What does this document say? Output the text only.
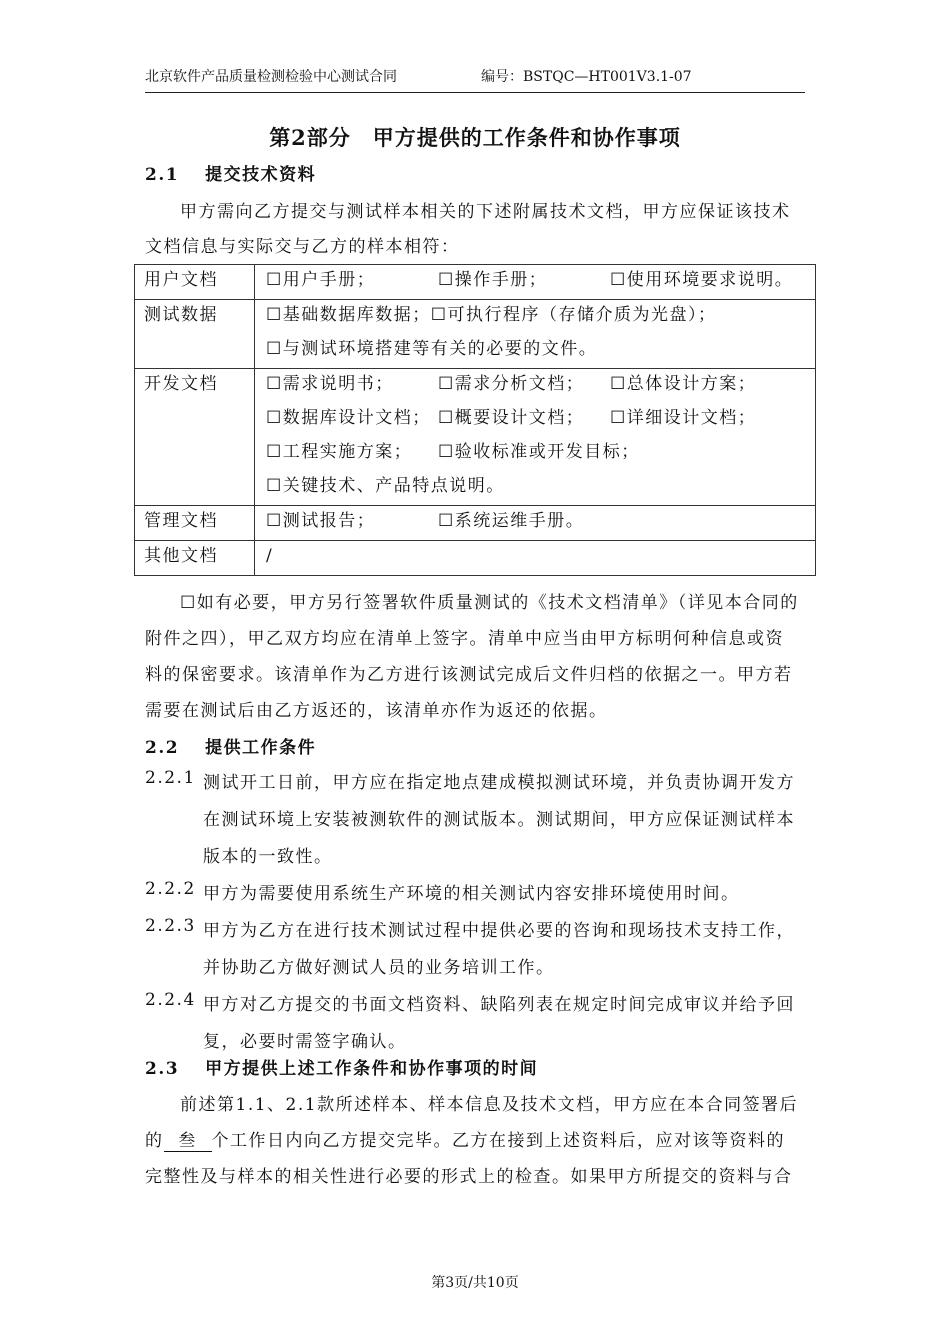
北京软件产品质量检测检验中心测试合同	编号：BSTQC—HT001V3.1-07
第2部分　甲方提供的工作条件和协作事项
2.1 提交技术资料
甲方需向乙方提交与测试样本相关的下述附属技术文档，甲方应保证该技术
文档信息与实际交与乙方的样本相符：
用户文档	☐用户手册； ☐操作手册； ☐使用环境要求说明。

测试数据	☐基础数据库数据；☐可执行程序（存储介质为光盘）；
☐与测试环境搭建等有关的必要的文件。

开发文档	☐需求说明书； ☐需求分析文档； ☐总体设计方案；
☐数据库设计文档； ☐概要设计文档； ☐详细设计文档；
☐工程实施方案； ☐验收标准或开发目标；
☐关键技术、产品特点说明。

管理文档	☐测试报告； ☐系统运维手册。

其他文档	/
☐如有必要，甲方另行签署软件质量测试的《技术文档清单》（详见本合同的
附件之四），甲乙双方均应在清单上签字。清单中应当由甲方标明何种信息或资
料的保密要求。该清单作为乙方进行该测试完成后文件归档的依据之一。甲方若
需要在测试后由乙方返还的，该清单亦作为返还的依据。
2.2 提供工作条件
2.2.1 测试开工日前，甲方应在指定地点建成模拟测试环境，并负责协调开发方
在测试环境上安装被测软件的测试版本。测试期间，甲方应保证测试样本
版本的一致性。
2.2.2 甲方为需要使用系统生产环境的相关测试内容安排环境使用时间。
2.2.3 甲方为乙方在进行技术测试过程中提供必要的咨询和现场技术支持工作，
并协助乙方做好测试人员的业务培训工作。
2.2.4 甲方对乙方提交的书面文档资料、缺陷列表在规定时间完成审议并给予回
复，必要时需签字确认。
2.3 甲方提供上述工作条件和协作事项的时间
前述第1.1、2.1款所述样本、样本信息及技术文档，甲方应在本合同签署后
的 叁 个工作日内向乙方提交完毕。乙方在接到上述资料后，应对该等资料的
完整性及与样本的相关性进行必要的形式上的检查。如果甲方所提交的资料与合
第3页/共10页
